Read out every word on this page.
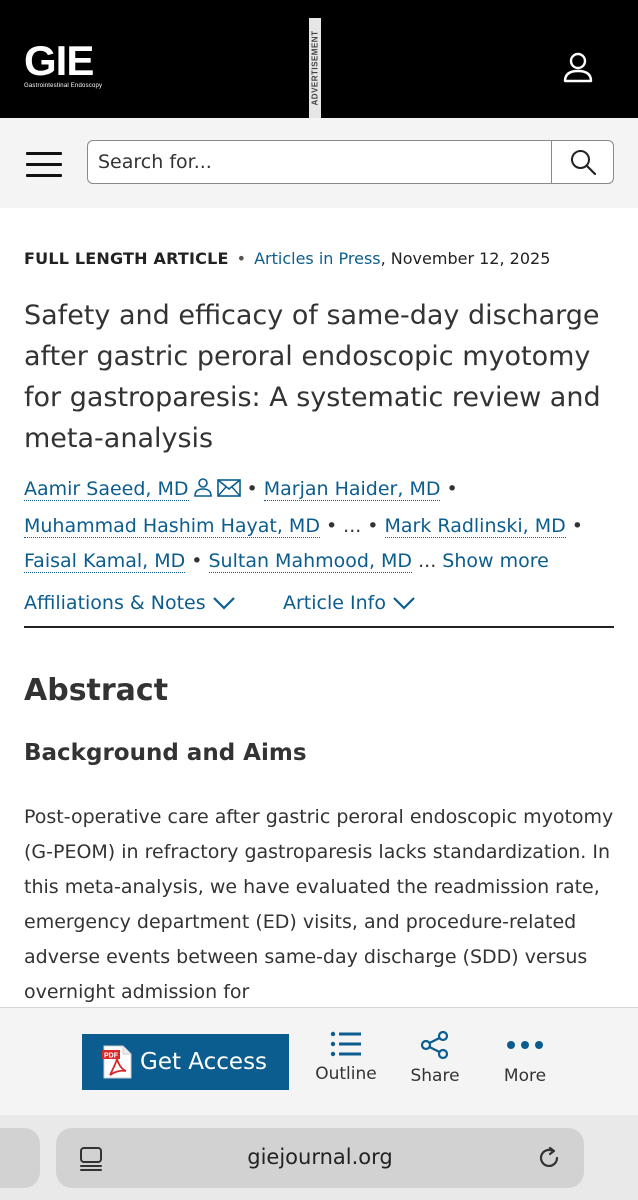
GIE
Gastrointestinal Endoscopy	ADVERTISEMENT
Search for...
FULL LENGTH ARTICLE • Articles in Press, November 12, 2025
Safety and efficacy of same-day discharge after gastric peroral endoscopic myotomy for gastroparesis: A systematic review and meta-analysis
Aamir Saeed, MD	• Marjan Haider, MD •
Muhammad Hashim Hayat, MD • ... • Mark Radlinski, MD •
Faisal Kamal, MD • Sultan Mahmood, MD ... Show more
Affiliations & Notes	Article Info
Abstract
Background and Aims

Post-operative care after gastric peroral endoscopic myotomy (G-PEOM) in refractory gastroparesis lacks standardization. In this meta-analysis, we have evaluated the readmission rate, emergency department (ED) visits, and procedure-related adverse events between same-day discharge (SDD) versus overnight admission for

PDF Get Access	Outline	Share	More
giejournal.org
